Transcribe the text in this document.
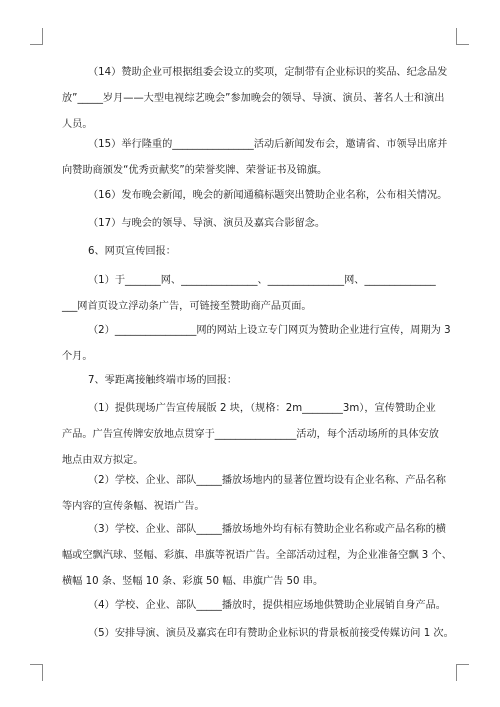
（14）赞助企业可根据组委会设立的奖项，定制带有企业标识的奖品、纪念品发
放”_____岁月——大型电视综艺晚会”参加晚会的领导、导演、演员、著名人士和演出
人员。
（15）举行隆重的________________活动后新闻发布会，邀请省、市领导出席并
向赞助商颁发“优秀贡献奖”的荣誉奖牌、荣誉证书及锦旗。
（16）发布晚会新闻，晚会的新闻通稿标题突出赞助企业名称，公布相关情况。
（17）与晚会的领导、导演、演员及嘉宾合影留念。
6、网页宣传回报：
（1）于_______网、_______________、_______________网、______________
___网首页设立浮动条广告，可链接至赞助商产品页面。
（2）________________网的网站上设立专门网页为赞助企业进行宣传，周期为 3
个月。
7、零距离接触终端市场的回报：
（1）提供现场广告宣传展版 2 块，（规格：2m________3m），宣传赞助企业
产品。广告宣传牌安放地点贯穿于________________活动，每个活动场所的具体安放
地点由双方拟定。
（2）学校、企业、部队_____播放场地内的显著位置均设有企业名称、产品名称
等内容的宣传条幅、祝语广告。
（3）学校、企业、部队_____播放场地外均有标有赞助企业名称或产品名称的横
幅或空飘汽球、竖幅、彩旗、串旗等祝语广告。全部活动过程，为企业准备空飘 3 个、
横幅 10 条、竖幅 10 条、彩旗 50 幅、串旗广告 50 串。
（4）学校、企业、部队_____播放时，提供相应场地供赞助企业展销自身产品。
（5）安排导演、演员及嘉宾在印有赞助企业标识的背景板前接受传媒访问 1 次。
